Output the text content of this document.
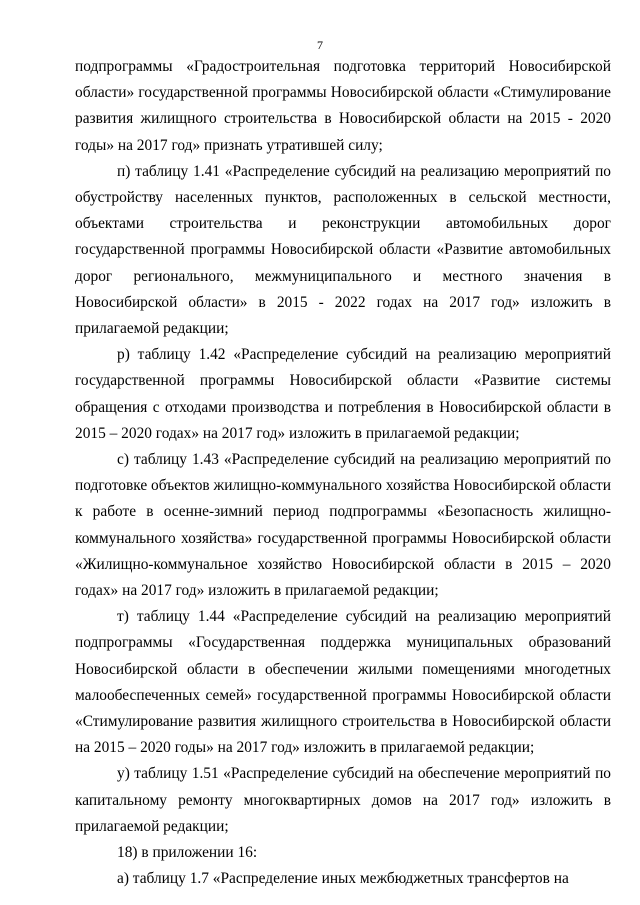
7

подпрограммы «Градостроительная подготовка территорий Новосибирской области» государственной программы Новосибирской области «Стимулирование развития жилищного строительства в Новосибирской области на 2015 - 2020 годы» на 2017 год» признать утратившей силу;

п) таблицу 1.41 «Распределение субсидий на реализацию мероприятий по обустройству населенных пунктов, расположенных в сельской местности, объектами строительства и реконструкции автомобильных дорог государственной программы Новосибирской области «Развитие автомобильных дорог регионального, межмуниципального и местного значения в Новосибирской области» в 2015 - 2022 годах на 2017 год» изложить в прилагаемой редакции;

р) таблицу 1.42 «Распределение субсидий на реализацию мероприятий государственной программы Новосибирской области «Развитие системы обращения с отходами производства и потребления в Новосибирской области в 2015 – 2020 годах» на 2017 год» изложить в прилагаемой редакции;

с) таблицу 1.43 «Распределение субсидий на реализацию мероприятий по подготовке объектов жилищно-коммунального хозяйства Новосибирской области к работе в осенне-зимний период подпрограммы «Безопасность жилищно-коммунального хозяйства» государственной программы Новосибирской области «Жилищно-коммунальное хозяйство Новосибирской области в 2015 – 2020 годах» на 2017 год» изложить в прилагаемой редакции;

т) таблицу 1.44 «Распределение субсидий на реализацию мероприятий подпрограммы «Государственная поддержка муниципальных образований Новосибирской области в обеспечении жилыми помещениями многодетных малообеспеченных семей» государственной программы Новосибирской области «Стимулирование развития жилищного строительства в Новосибирской области на 2015 – 2020 годы» на 2017 год» изложить в прилагаемой редакции;

у) таблицу 1.51 «Распределение субсидий на обеспечение мероприятий по капитальному ремонту многоквартирных домов на 2017 год» изложить в прилагаемой редакции;

18) в приложении 16:

а) таблицу 1.7 «Распределение иных межбюджетных трансфертов на
